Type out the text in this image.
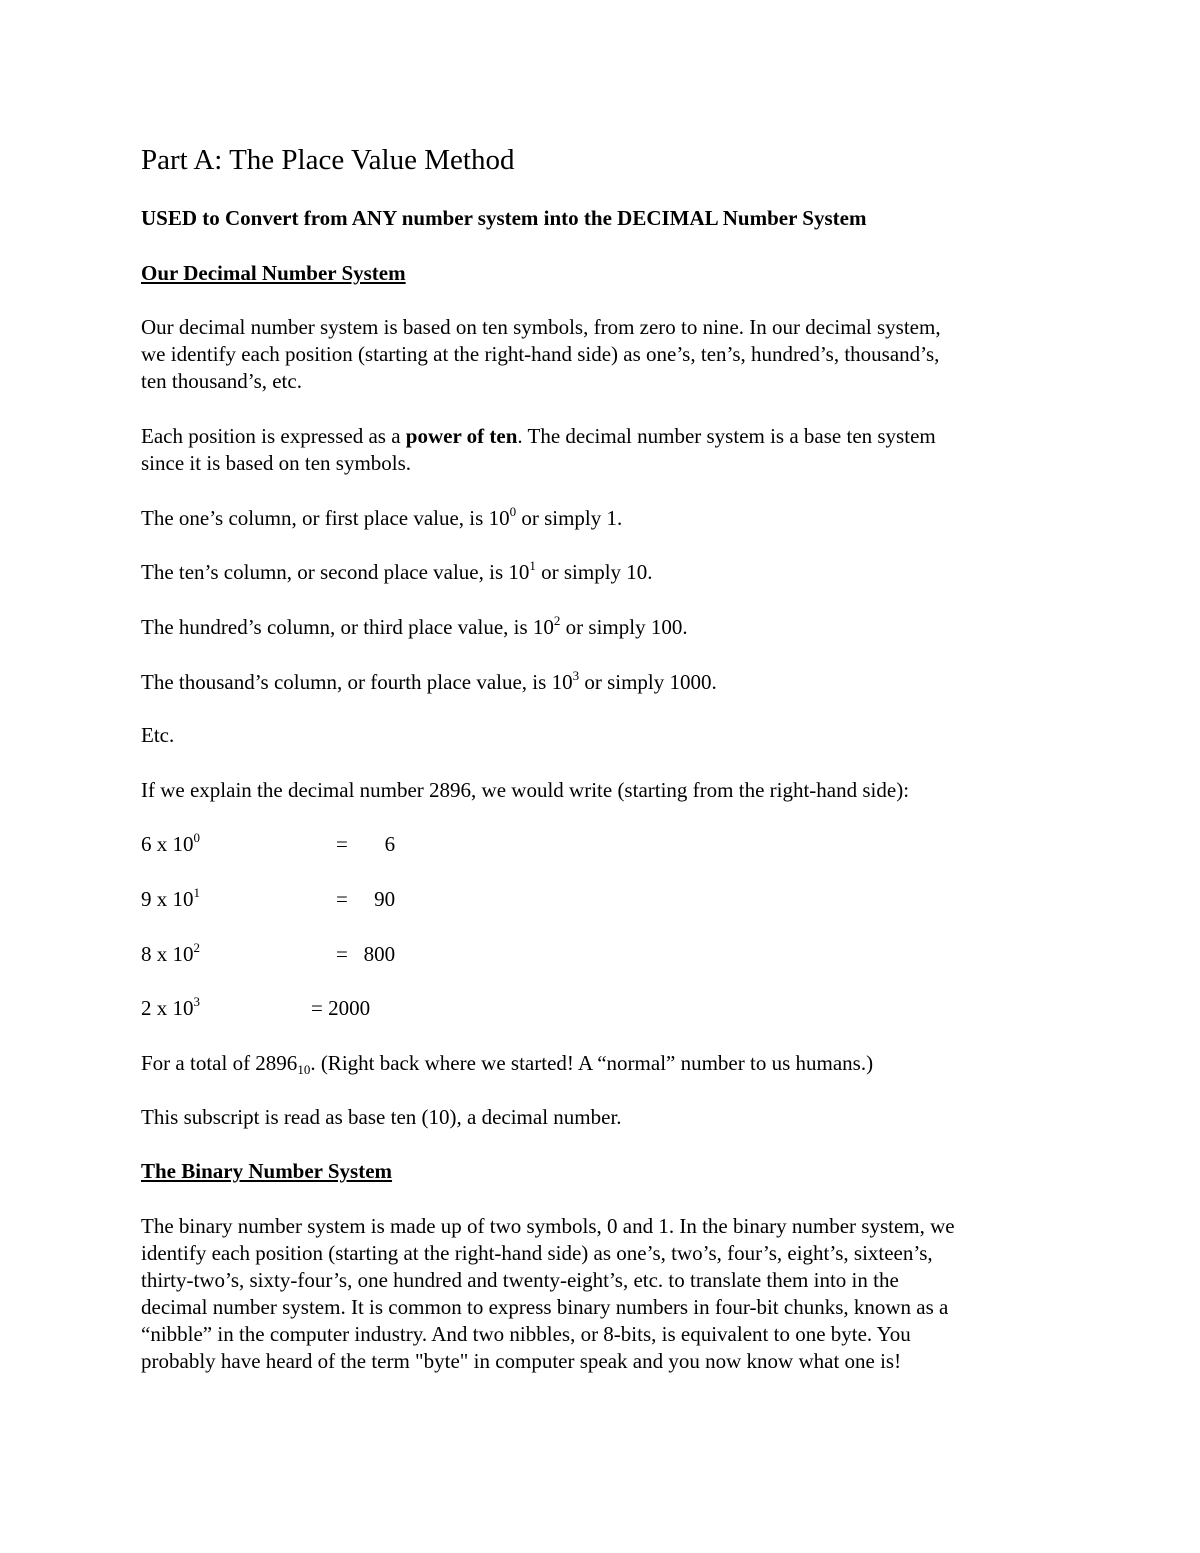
Part A: The Place Value Method

USED to Convert from ANY number system into the DECIMAL Number System

Our Decimal Number System

Our decimal number system is based on ten symbols, from zero to nine. In our decimal system,

we identify each position (starting at the right-hand side) as one’s, ten’s, hundred’s, thousand’s,

ten thousand’s, etc.

Each position is expressed as a power of ten. The decimal number system is a base ten system

since it is based on ten symbols.

The one’s column, or first place value, is $10^0$ or simply 1.

The ten’s column, or second place value, is $10^1$ or simply 10.

The hundred’s column, or third place value, is $10^2$ or simply 100.

The thousand’s column, or fourth place value, is $10^3$ or simply 1000.

Etc.

If we explain the decimal number 2896, we would write (starting from the right-hand side):

6 x $10^0$	=       6
9 x $10^1$	=     90
8 x $10^2$	=   800
2 x $10^3$	= 2000

For a total of $2896_{10}$. (Right back where we started! A “normal” number to us humans.)

This subscript is read as base ten (10), a decimal number.

The Binary Number System

The binary number system is made up of two symbols, 0 and 1. In the binary number system, we

identify each position (starting at the right-hand side) as one’s, two’s, four’s, eight’s, sixteen’s,

thirty-two’s, sixty-four’s, one hundred and twenty-eight’s, etc. to translate them into in the

decimal number system. It is common to express binary numbers in four-bit chunks, known as a

“nibble” in the computer industry. And two nibbles, or 8-bits, is equivalent to one byte. You

probably have heard of the term "byte" in computer speak and you now know what one is!
